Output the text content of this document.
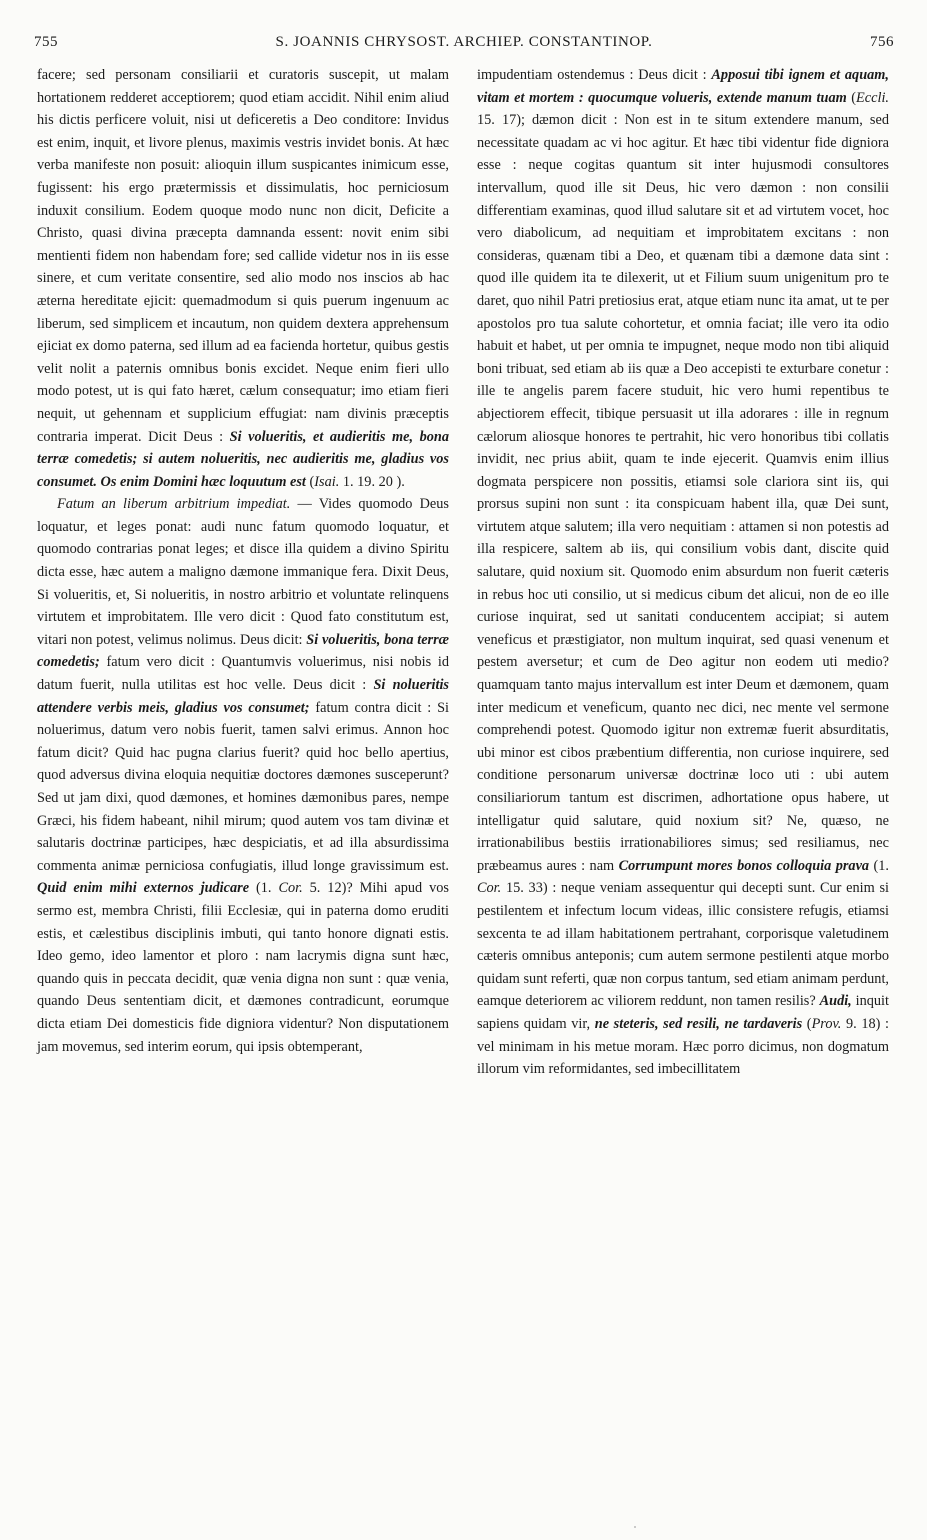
755	S. JOANNIS CHRYSOST. ARCHIEP. CONSTANTINOP.	756

facere; sed personam consiliarii et curatoris suscepit, ut malam hortationem redderet acceptiorem; quod etiam accidit. Nihil enim aliud his dictis perficere voluit, nisi ut deficeretis a Deo conditore: Invidus est enim, inquit, et livore plenus, maximis vestris invidet bonis. At hæc verba manifeste non posuit: alioquin illum suspicantes inimicum esse, fugissent: his ergo prætermissis et dissimulatis, hoc perniciosum induxit consilium. Eodem quoque modo nunc non dicit, Deficite a Christo, quasi divina præcepta damnanda essent: novit enim sibi mentienti fidem non habendam fore; sed callide videtur nos in iis esse sinere, et cum veritate consentire, sed alio modo nos inscios ab hac æterna hereditate ejicit: quemadmodum si quis puerum ingenuum ac liberum, sed simplicem et incautum, non quidem dextera apprehensum ejiciat ex domo paterna, sed illum ad ea facienda hortetur, quibus gestis velit nolit a paternis omnibus bonis excidet. Neque enim fieri ullo modo potest, ut is qui fato hæret, cælum consequatur; imo etiam fieri nequit, ut gehennam et supplicium effugiat: nam divinis præceptis contraria imperat. Dicit Deus : Si volueritis, et audieritis me, bona terræ comedetis; si autem nolueritis, nec audieritis me, gladius vos consumet. Os enim Domini hæc loquutum est (Isai. 1. 19. 20 ).

Fatum an liberum arbitrium impediat. — Vides quomodo Deus loquatur, et leges ponat: audi nunc fatum quomodo loquatur, et quomodo contrarias ponat leges; et disce illa quidem a divino Spiritu dicta esse, hæc autem a maligno dæmone immanique fera. Dixit Deus, Si volueritis, et, Si nolueritis, in nostro arbitrio et voluntate relinquens virtutem et improbitatem. Ille vero dicit : Quod fato constitutum est, vitari non potest, velimus nolimus. Deus dicit: Si volueritis, bona terræ comedetis; fatum vero dicit : Quantumvis voluerimus, nisi nobis id datum fuerit, nulla utilitas est hoc velle. Deus dicit : Si nolueritis attendere verbis meis, gladius vos consumet; fatum contra dicit : Si noluerimus, datum vero nobis fuerit, tamen salvi erimus. Annon hoc fatum dicit? Quid hac pugna clarius fuerit? quid hoc bello apertius, quod adversus divina eloquia nequitiæ doctores dæmones susceperunt? Sed ut jam dixi, quod dæmones, et homines dæmonibus pares, nempe Græci, his fidem habeant, nihil mirum; quod autem vos tam divinæ et salutaris doctrinæ participes, hæc despiciatis, et ad illa absurdissima commenta animæ perniciosa confugiatis, illud longe gravissimum est. Quid enim mihi externos judicare (1. Cor. 5. 12)? Mihi apud vos sermo est, membra Christi, filii Ecclesiæ, qui in paterna domo eruditi estis, et cælestibus disciplinis imbuti, qui tanto honore dignati estis. Ideo gemo, ideo lamentor et ploro : nam lacrymis digna sunt hæc, quando quis in peccata decidit, quæ venia digna non sunt : quæ venia, quando Deus sententiam dicit, et dæmones contradicunt, eorumque dicta etiam Dei domesticis fide digniora videntur? Non disputationem jam movemus, sed interim eorum, qui ipsis obtemperant,

impudentiam ostendemus : Deus dicit : Apposui tibi ignem et aquam, vitam et mortem : quocumque volueris, extende manum tuam (Eccli. 15. 17); dæmon dicit : Non est in te situm extendere manum, sed necessitate quadam ac vi hoc agitur. Et hæc tibi videntur fide digniora esse : neque cogitas quantum sit inter hujusmodi consultores intervallum, quod ille sit Deus, hic vero dæmon : non consilii differentiam examinas, quod illud salutare sit et ad virtutem vocet, hoc vero diabolicum, ad nequitiam et improbitatem excitans : non consideras, quænam tibi a Deo, et quænam tibi a dæmone data sint : quod ille quidem ita te dilexerit, ut et Filium suum unigenitum pro te daret, quo nihil Patri pretiosius erat, atque etiam nunc ita amat, ut te per apostolos pro tua salute cohortetur, et omnia faciat; ille vero ita odio habuit et habet, ut per omnia te impugnet, neque modo non tibi aliquid boni tribuat, sed etiam ab iis quæ a Deo accepisti te exturbare conetur : ille te angelis parem facere studuit, hic vero humi repentibus te abjectiorem effecit, tibique persuasit ut illa adorares : ille in regnum cælorum aliosque honores te pertrahit, hic vero honoribus tibi collatis invidit, nec prius abiit, quam te inde ejecerit. Quamvis enim illius dogmata perspicere non possitis, etiamsi sole clariora sint iis, qui prorsus supini non sunt : ita conspicuam habent illa, quæ Dei sunt, virtutem atque salutem; illa vero nequitiam : attamen si non potestis ad illa respicere, saltem ab iis, qui consilium vobis dant, discite quid salutare, quid noxium sit. Quomodo enim absurdum non fuerit cæteris in rebus hoc uti consilio, ut si medicus cibum det alicui, non de eo ille curiose inquirat, sed ut sanitati conducentem accipiat; si autem veneficus et præstigiator, non multum inquirat, sed quasi venenum et pestem aversetur; et cum de Deo agitur non eodem uti medio? quamquam tanto majus intervallum est inter Deum et dæmonem, quam inter medicum et veneficum, quanto nec dici, nec mente vel sermone comprehendi potest. Quomodo igitur non extremæ fuerit absurditatis, ubi minor est cibos præbentium differentia, non curiose inquirere, sed conditione personarum universæ doctrinæ loco uti : ubi autem consiliariorum tantum est discrimen, adhortatione opus habere, ut intelligatur quid salutare, quid noxium sit? Ne, quæso, ne irrationabilibus bestiis irrationabiliores simus; sed resiliamus, nec præbeamus aures : nam Corrumpunt mores bonos colloquia prava (1. Cor. 15. 33) : neque veniam assequentur qui decepti sunt. Cur enim si pestilentem et infectum locum videas, illic consistere refugis, etiamsi sexcenta te ad illam habitationem pertrahant, corporisque valetudinem cæteris omnibus anteponis; cum autem sermone pestilenti atque morbo quidam sunt referti, quæ non corpus tantum, sed etiam animam perdunt, eamque deteriorem ac viliorem reddunt, non tamen resilis? Audi, inquit sapiens quidam vir, ne steteris, sed resili, ne tardaveris (Prov. 9. 18) : vel minimam in his metue moram. Hæc porro dicimus, non dogmatum illorum vim reformidantes, sed imbecillitatem
